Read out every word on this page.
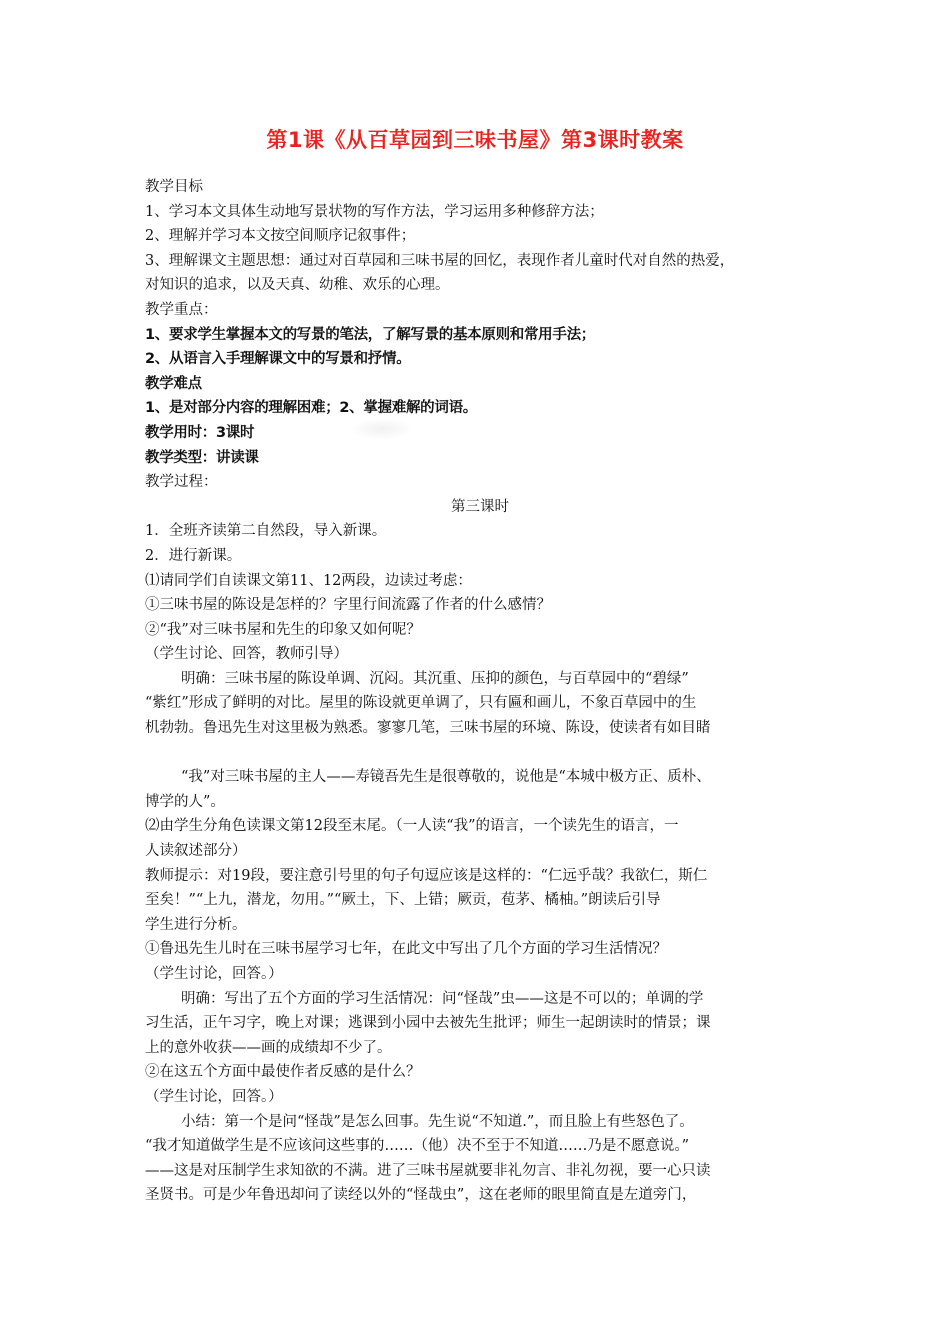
第1课《从百草园到三味书屋》第3课时教案
教学目标
1、学习本文具体生动地写景状物的写作方法，学习运用多种修辞方法；
2、理解并学习本文按空间顺序记叙事件；
3、理解课文主题思想：通过对百草园和三味书屋的回忆，表现作者儿童时代对自然的热爱，
对知识的追求，以及天真、幼稚、欢乐的心理。
教学重点：
1、要求学生掌握本文的写景的笔法，了解写景的基本原则和常用手法；
2、从语言入手理解课文中的写景和抒情。
教学难点
1、是对部分内容的理解困难；2、掌握难解的词语。
教学用时：3课时
教学类型：讲读课
教学过程：
第三课时
1．全班齐读第二自然段，导入新课。
2．进行新课。
⑴请同学们自读课文第11、12两段，边读过考虑：
①三味书屋的陈设是怎样的？字里行间流露了作者的什么感情？
②“我”对三味书屋和先生的印象又如何呢？
（学生讨论、回答，教师引导）
明确：三味书屋的陈设单调、沉闷。其沉重、压抑的颜色，与百草园中的“碧绿”
“紫红”形成了鲜明的对比。屋里的陈设就更单调了，只有匾和画儿，不象百草园中的生
机勃勃。鲁迅先生对这里极为熟悉。寥寥几笔，三味书屋的环境、陈设，使读者有如目睹
“我”对三味书屋的主人——寿镜吾先生是很尊敬的，说他是“本城中极方正、质朴、
博学的人”。
⑵由学生分角色读课文第12段至末尾。（一人读“我”的语言，一个读先生的语言，一
人读叙述部分）
教师提示：对19段，要注意引号里的句子句逗应该是这样的：“仁远乎哉？我欲仁，斯仁
至矣！”“上九，潜龙，勿用。”“厥土，下、上错；厥贡，苞茅、橘柚。”朗读后引导
学生进行分析。
①鲁迅先生儿时在三味书屋学习七年，在此文中写出了几个方面的学习生活情况？
（学生讨论，回答。）
明确：写出了五个方面的学习生活情况：问“怪哉”虫——这是不可以的；单调的学
习生活，正午习字，晚上对课；逃课到小园中去被先生批评；师生一起朗读时的情景；课
上的意外收获——画的成绩却不少了。
②在这五个方面中最使作者反感的是什么？
（学生讨论，回答。）
小结：第一个是问“怪哉”是怎么回事。先生说“不知道.”，而且脸上有些怒色了。
“我才知道做学生是不应该问这些事的……（他）决不至于不知道……乃是不愿意说。”
——这是对压制学生求知欲的不满。进了三味书屋就要非礼勿言、非礼勿视，要一心只读
圣贤书。可是少年鲁迅却问了读经以外的“怪哉虫”，这在老师的眼里简直是左道旁门，
